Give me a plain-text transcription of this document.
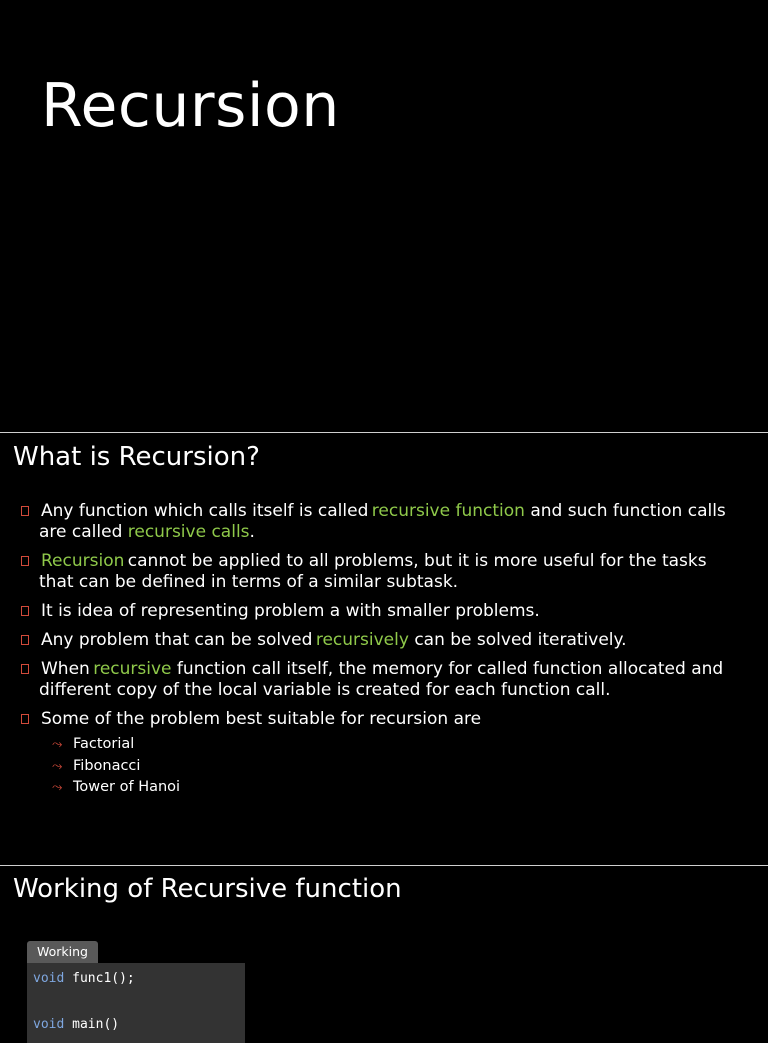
Recursion
What is Recursion?
Any function which calls itself is called recursive function and such function calls are called recursive calls.
Recursion cannot be applied to all problems, but it is more useful for the tasks that can be defined in terms of a similar subtask.
It is idea of representing problem a with smaller problems.
Any problem that can be solved recursively can be solved iteratively.
When recursive function call itself, the memory for called function allocated and different copy of the local variable is created for each function call.
Some of the problem best suitable for recursion are
⤳ Factorial
⤳ Fibonacci
⤳ Tower of Hanoi
Working of Recursive function
Working
void func1();

void main()
